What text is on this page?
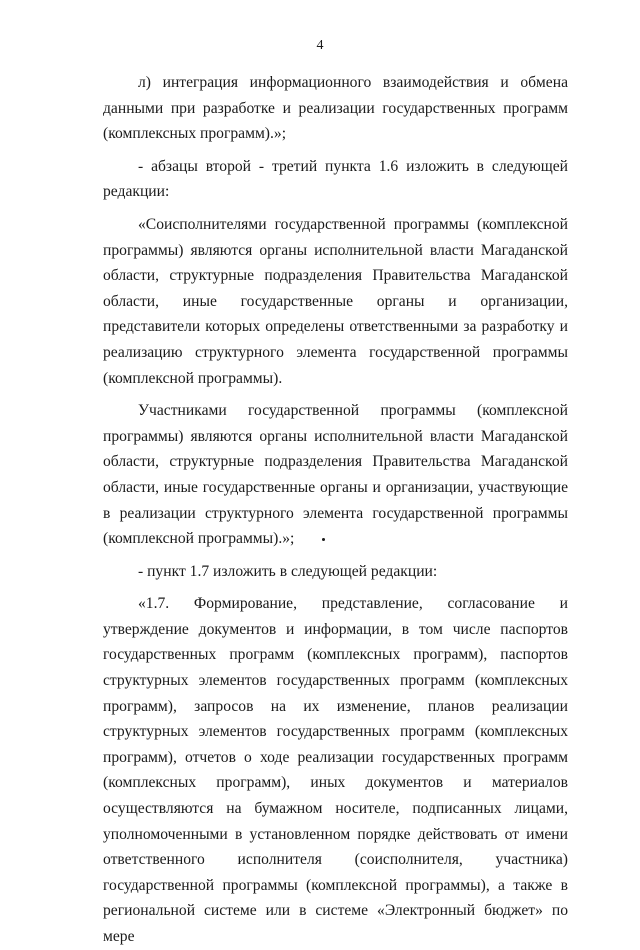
4

л) интеграция информационного взаимодействия и обмена данными при разработке и реализации государственных программ (комплексных программ).»;

- абзацы второй - третий пункта 1.6 изложить в следующей редакции:

«Соисполнителями государственной программы (комплексной программы) являются органы исполнительной власти Магаданской области, структурные подразделения Правительства Магаданской области, иные государственные органы и организации, представители которых определены ответственными за разработку и реализацию структурного элемента государственной программы (комплексной программы).

Участниками государственной программы (комплексной программы) являются органы исполнительной власти Магаданской области, структурные подразделения Правительства Магаданской области, иные государственные органы и организации, участвующие в реализации структурного элемента государственной программы (комплексной программы).»;

- пункт 1.7 изложить в следующей редакции:

«1.7. Формирование, представление, согласование и утверждение документов и информации, в том числе паспортов государственных программ (комплексных программ), паспортов структурных элементов государственных программ (комплексных программ), запросов на их изменение, планов реализации структурных элементов государственных программ (комплексных программ), отчетов о ходе реализации государственных программ (комплексных программ), иных документов и материалов осуществляются на бумажном носителе, подписанных лицами, уполномоченными в установленном порядке действовать от имени ответственного исполнителя (соисполнителя, участника) государственной программы (комплексной программы), а также в региональной системе или в системе «Электронный бюджет» по мере
